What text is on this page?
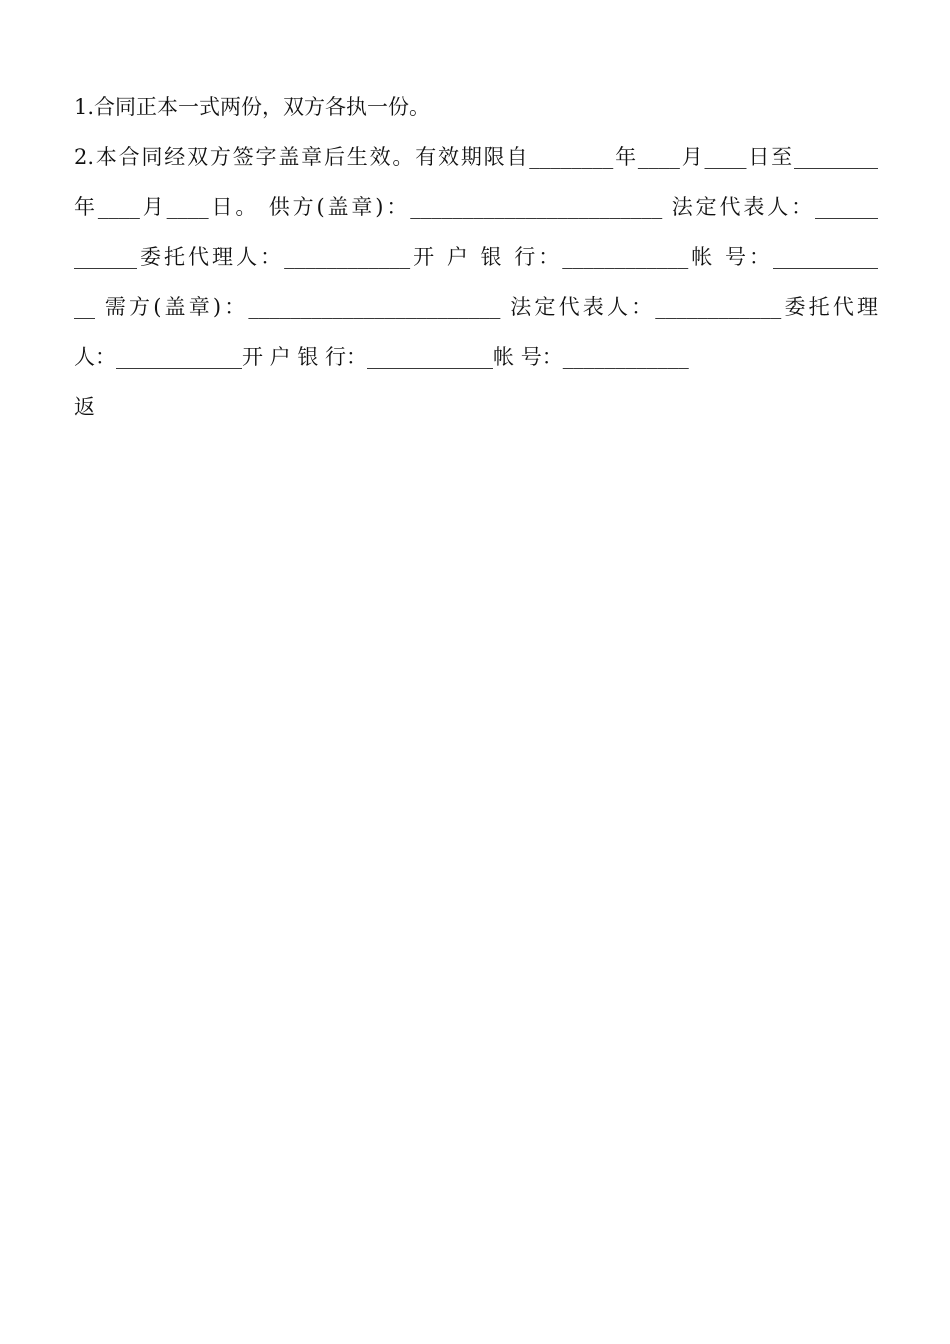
1.合同正本一式两份，双方各执一份。
2.本合同经双方签字盖章后生效。有效期限自________年____月____日至________
年____月____日。 供方(盖章)：________________________ 法定代表人：______
______委托代理人：____________开 户 银 行：____________帐 号：__________
__ 需方(盖章)：________________________ 法定代表人：____________委托代理
人：____________开 户 银 行：____________帐 号：____________
返
